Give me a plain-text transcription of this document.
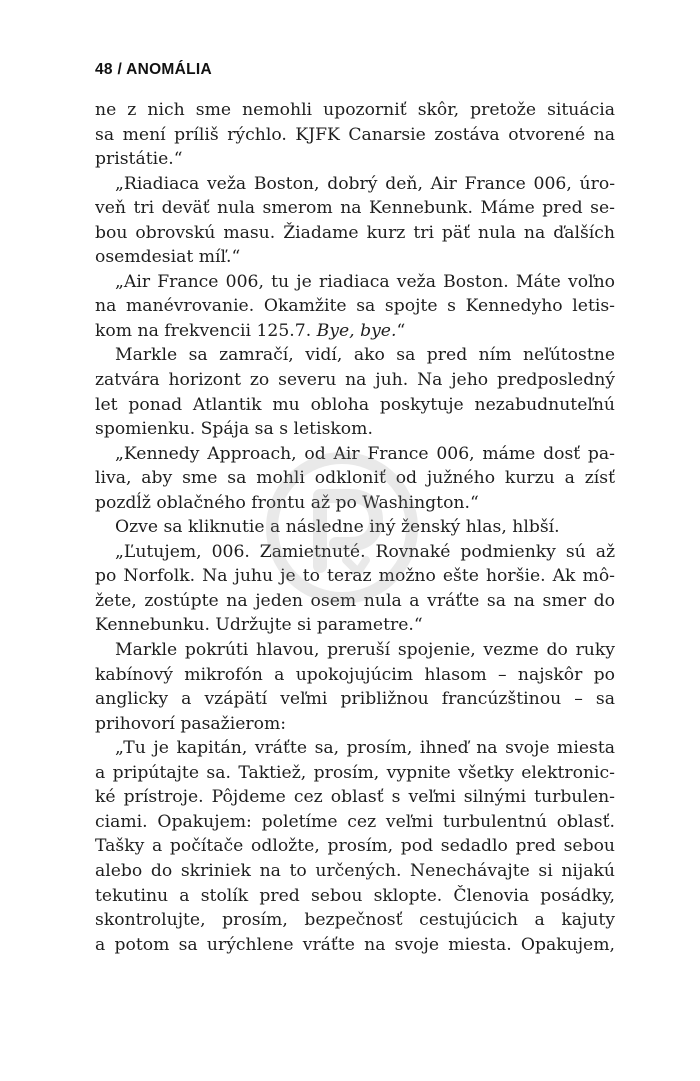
48 / ANOMÁLIA
ne z nich sme nemohli upozorniť skôr, pretože situácia
sa mení príliš rýchlo. KJFK Canarsie zostáva otvorené na
pristátie.“
„Riadiaca veža Boston, dobrý deň, Air France 006, úro-
veň tri deväť nula smerom na Kennebunk. Máme pred se-
bou obrovskú masu. Žiadame kurz tri päť nula na ďalších
osemdesiat míľ.“
„Air France 006, tu je riadiaca veža Boston. Máte voľno
na manévrovanie. Okamžite sa spojte s Kennedyho letis-
kom na frekvencii 125.7. Bye, bye.“
Markle sa zamračí, vidí, ako sa pred ním neľútostne
zatvára horizont zo severu na juh. Na jeho predposledný
let ponad Atlantik mu obloha poskytuje nezabudnuteľnú
spomienku. Spája sa s letiskom.
„Kennedy Approach, od Air France 006, máme dosť pa-
liva, aby sme sa mohli odkloniť od južného kurzu a zísť
pozdĺž oblačného frontu až po Washington.“
Ozve sa kliknutie a následne iný ženský hlas, hlbší.
„Ľutujem, 006. Zamietnuté. Rovnaké podmienky sú až
po Norfolk. Na juhu je to teraz možno ešte horšie. Ak mô-
žete, zostúpte na jeden osem nula a vráťte sa na smer do
Kennebunku. Udržujte si parametre.“
Markle pokrúti hlavou, preruší spojenie, vezme do ruky
kabínový mikrofón a upokojujúcim hlasom – najskôr po
anglicky a vzápätí veľmi približnou francúzštinou – sa
prihovorí pasažierom:
„Tu je kapitán, vráťte sa, prosím, ihneď na svoje miesta
a pripútajte sa. Taktiež, prosím, vypnite všetky elektronic-
ké prístroje. Pôjdeme cez oblasť s veľmi silnými turbulen-
ciami. Opakujem: poletíme cez veľmi turbulentnú oblasť.
Tašky a počítače odložte, prosím, pod sedadlo pred sebou
alebo do skriniek na to určených. Nenechávajte si nijakú
tekutinu a stolík pred sebou sklopte. Členovia posádky,
skontrolujte, prosím, bezpečnosť cestujúcich a kajuty
a potom sa urýchlene vráťte na svoje miesta. Opakujem,
